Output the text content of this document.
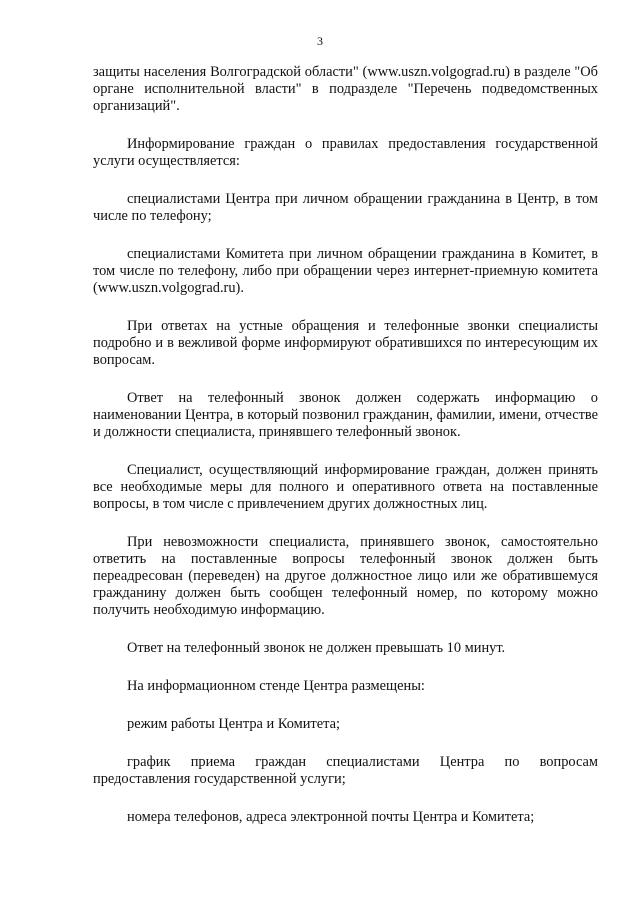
3

защиты населения Волгоградской области" (www.uszn.volgograd.ru) в разделе "Об органе исполнительной власти" в подразделе "Перечень подведомственных организаций".

Информирование граждан о правилах предоставления государственной услуги осуществляется:

специалистами Центра при личном обращении гражданина в Центр, в том числе по телефону;

специалистами Комитета при личном обращении гражданина в Комитет, в том числе по телефону, либо при обращении через интернет-приемную комитета (www.uszn.volgograd.ru).

При ответах на устные обращения и телефонные звонки специалисты подробно и в вежливой форме информируют обратившихся по интересующим их вопросам.

Ответ на телефонный звонок должен содержать информацию о наименовании Центра, в который позвонил гражданин, фамилии, имени, отчестве и должности специалиста, принявшего телефонный звонок.

Специалист, осуществляющий информирование граждан, должен принять все необходимые меры для полного и оперативного ответа на поставленные вопросы, в том числе с привлечением других должностных лиц.

При невозможности специалиста, принявшего звонок, самостоятельно ответить на поставленные вопросы телефонный звонок должен быть переадресован (переведен) на другое должностное лицо или же обратившемуся гражданину должен быть сообщен телефонный номер, по которому можно получить необходимую информацию.

Ответ на телефонный звонок не должен превышать 10 минут.

На информационном стенде Центра размещены:

режим работы Центра и Комитета;

график приема граждан специалистами Центра по вопросам предоставления государственной услуги;

номера телефонов, адреса электронной почты Центра и Комитета;
